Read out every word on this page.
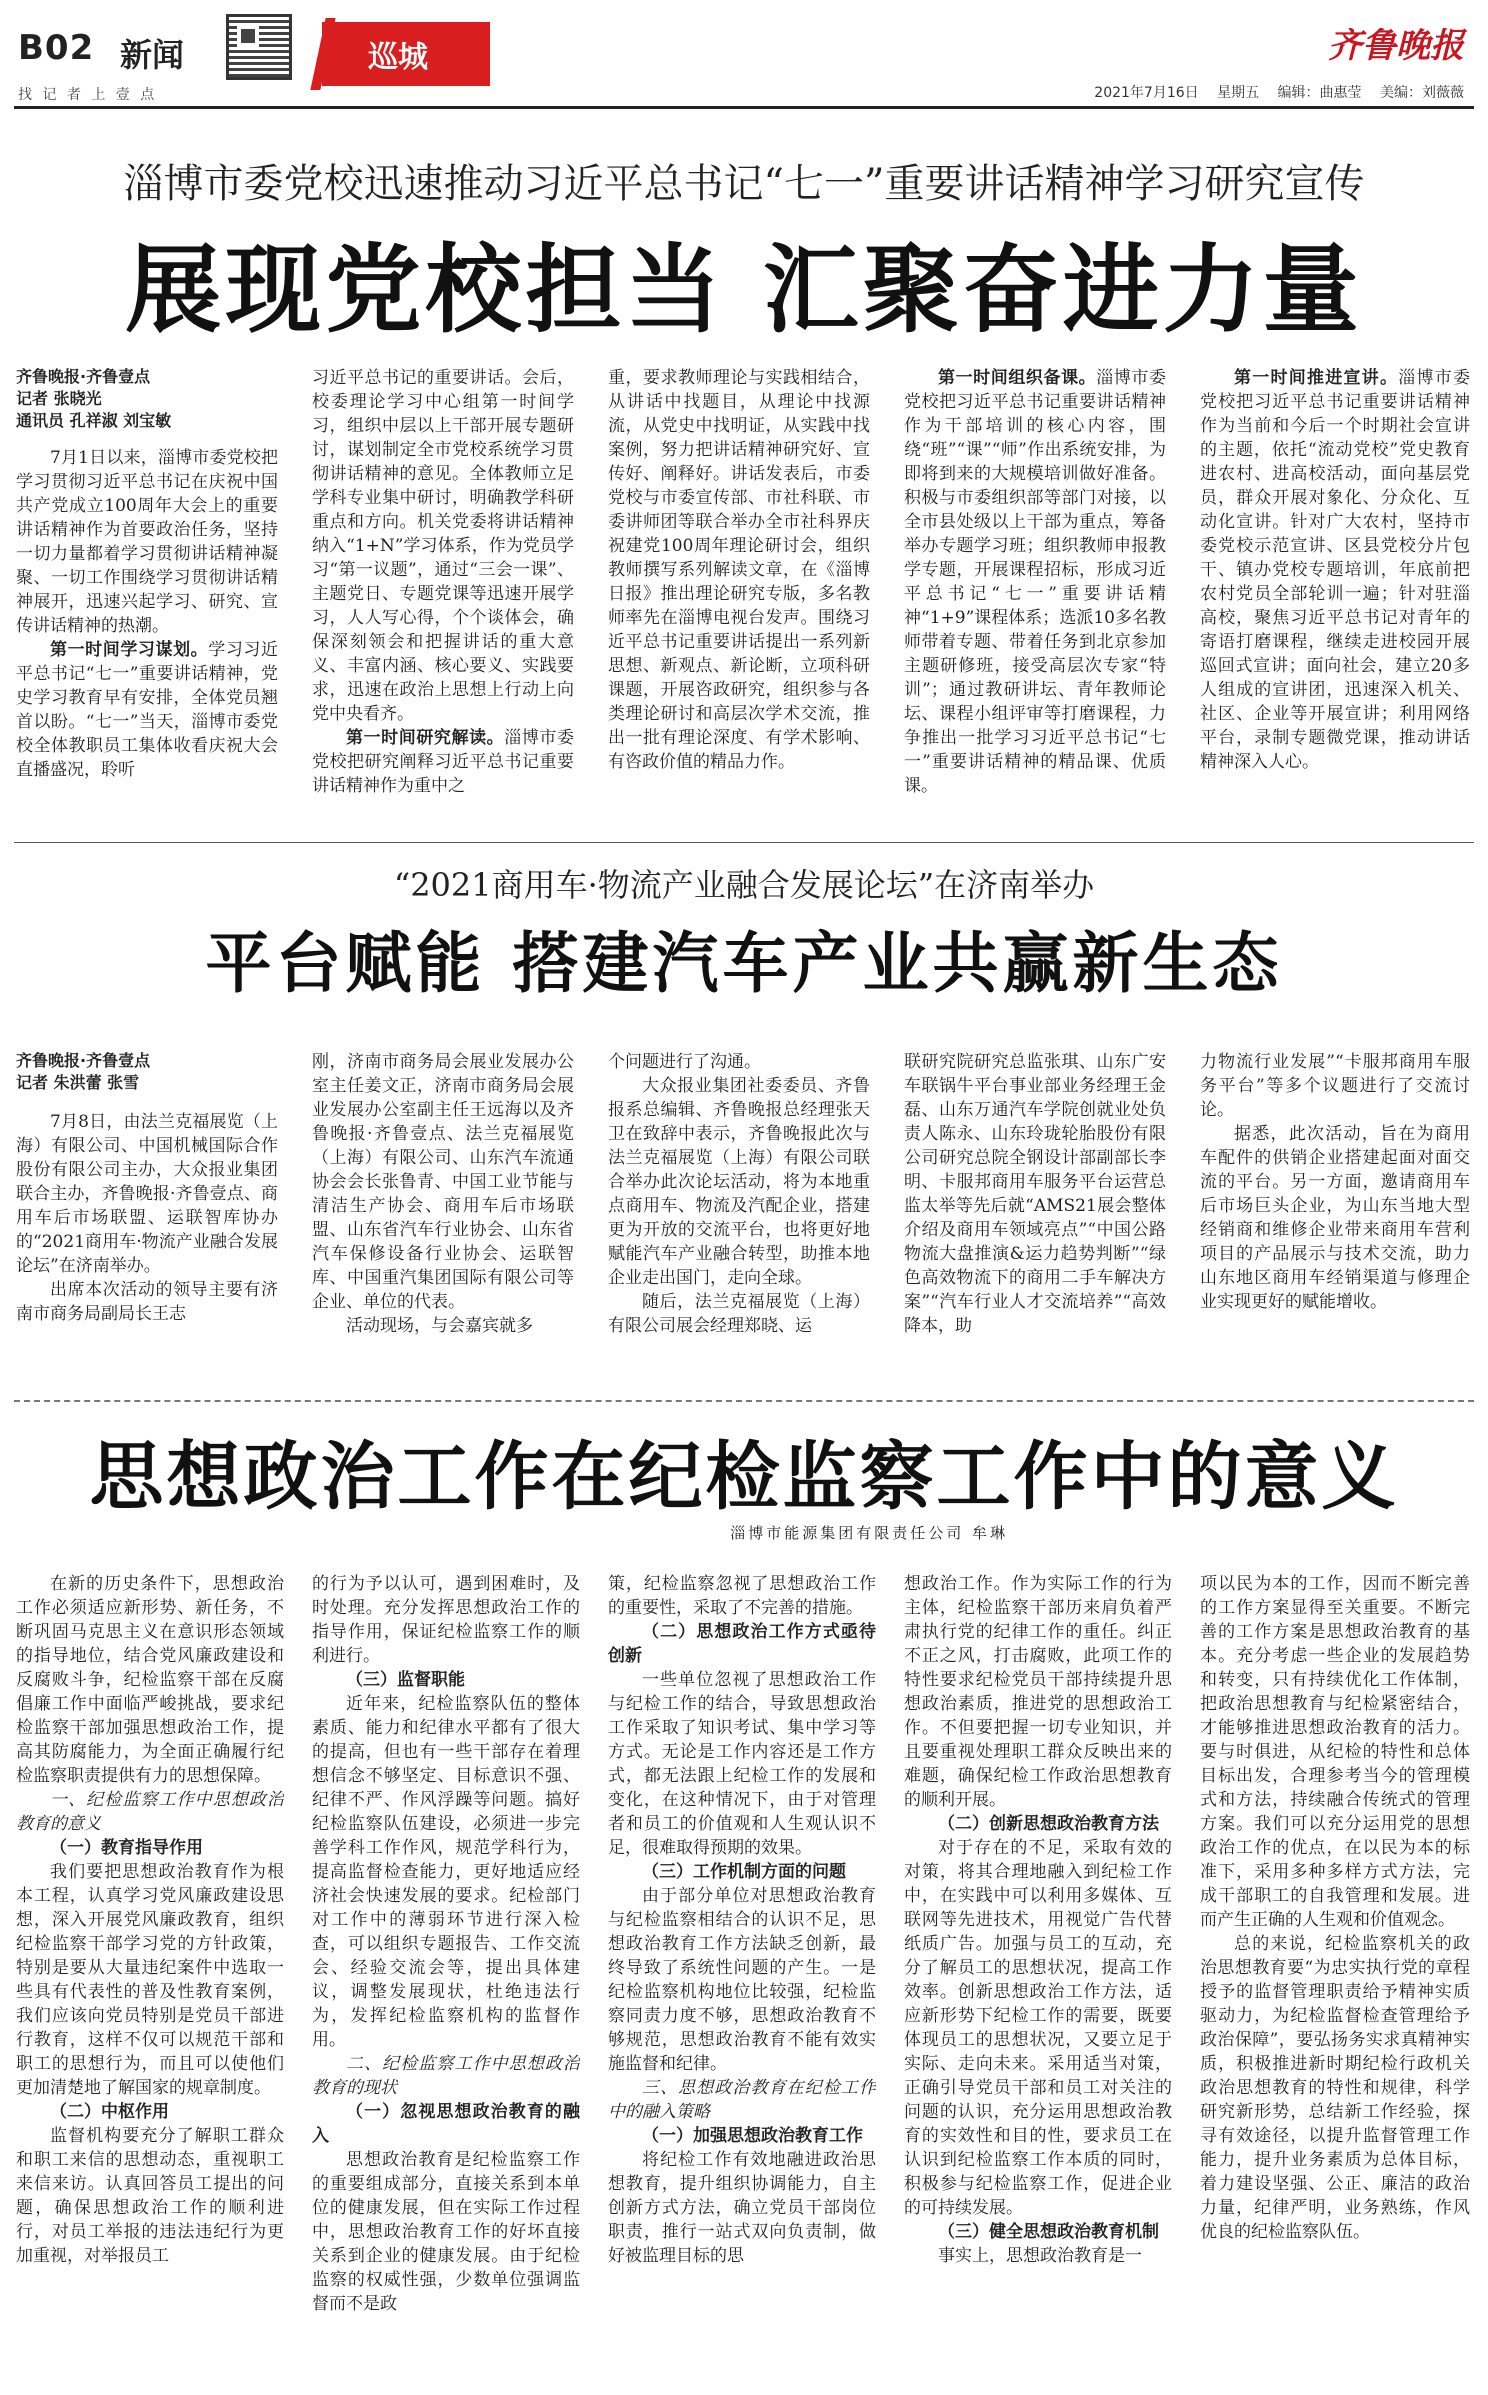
B02 新闻
找 记 者 上 壹 点
巡城	齐鲁晚报
2021年7月16日 星期五 编辑：曲惠莹 美编：刘薇薇
淄博市委党校迅速推动习近平总书记“七一”重要讲话精神学习研究宣传
展现党校担当 汇聚奋进力量
齐鲁晚报·齐鲁壹点
记者 张晓光
通讯员 孔祥淑 刘宝敏

7月1日以来，淄博市委党校把学习贯彻习近平总书记在庆祝中国共产党成立100周年大会上的重要讲话精神作为首要政治任务，坚持一切力量都着学习贯彻讲话精神凝聚、一切工作围绕学习贯彻讲话精神展开，迅速兴起学习、研究、宣传讲话精神的热潮。

第一时间学习谋划。学习习近平总书记“七一”重要讲话精神，党史学习教育早有安排，全体党员翘首以盼。“七一”当天，淄博市委党校全体教职员工集体收看庆祝大会直播盛况，聆听

习近平总书记的重要讲话。会后，校委理论学习中心组第一时间学习，组织中层以上干部开展专题研讨，谋划制定全市党校系统学习贯彻讲话精神的意见。全体教师立足学科专业集中研讨，明确教学科研重点和方向。机关党委将讲话精神纳入“1+N”学习体系，作为党员学习“第一议题”，通过“三会一课”、主题党日、专题党课等迅速开展学习，人人写心得，个个谈体会，确保深刻领会和把握讲话的重大意义、丰富内涵、核心要义、实践要求，迅速在政治上思想上行动上向党中央看齐。

第一时间研究解读。淄博市委党校把研究阐释习近平总书记重要讲话精神作为重中之

重，要求教师理论与实践相结合，从讲话中找题目，从理论中找源流，从党史中找明证，从实践中找案例，努力把讲话精神研究好、宣传好、阐释好。讲话发表后，市委党校与市委宣传部、市社科联、市委讲师团等联合举办全市社科界庆祝建党100周年理论研讨会，组织教师撰写系列解读文章，在《淄博日报》推出理论研究专版，多名教师率先在淄博电视台发声。围绕习近平总书记重要讲话提出一系列新思想、新观点、新论断，立项科研课题，开展咨政研究，组织参与各类理论研讨和高层次学术交流，推出一批有理论深度、有学术影响、有咨政价值的精品力作。

第一时间组织备课。淄博市委党校把习近平总书记重要讲话精神作为干部培训的核心内容，围绕“班”“课”“师”作出系统安排，为即将到来的大规模培训做好准备。积极与市委组织部等部门对接，以全市县处级以上干部为重点，筹备举办专题学习班；组织教师申报教学专题，开展课程招标，形成习近平总书记“七一”重要讲话精神“1+9”课程体系；选派10多名教师带着专题、带着任务到北京参加主题研修班，接受高层次专家“特训”；通过教研讲坛、青年教师论坛、课程小组评审等打磨课程，力争推出一批学习习近平总书记“七一”重要讲话精神的精品课、优质课。

第一时间推进宣讲。淄博市委党校把习近平总书记重要讲话精神作为当前和今后一个时期社会宣讲的主题，依托“流动党校”党史教育进农村、进高校活动，面向基层党员，群众开展对象化、分众化、互动化宣讲。针对广大农村，坚持市委党校示范宣讲、区县党校分片包干、镇办党校专题培训，年底前把农村党员全部轮训一遍；针对驻淄高校，聚焦习近平总书记对青年的寄语打磨课程，继续走进校园开展巡回式宣讲；面向社会，建立20多人组成的宣讲团，迅速深入机关、社区、企业等开展宣讲；利用网络平台，录制专题微党课，推动讲话精神深入人心。

“2021商用车·物流产业融合发展论坛”在济南举办
平台赋能 搭建汽车产业共赢新生态
齐鲁晚报·齐鲁壹点
记者 朱洪蕾 张雪

7月8日，由法兰克福展览（上海）有限公司、中国机械国际合作股份有限公司主办，大众报业集团联合主办，齐鲁晚报·齐鲁壹点、商用车后市场联盟、运联智库协办的“2021商用车·物流产业融合发展论坛”在济南举办。

出席本次活动的领导主要有济南市商务局副局长王志

刚，济南市商务局会展业发展办公室主任姜文正，济南市商务局会展业发展办公室副主任王远海以及齐鲁晚报·齐鲁壹点、法兰克福展览（上海）有限公司、山东汽车流通协会会长张鲁青、中国工业节能与清洁生产协会、商用车后市场联盟、山东省汽车行业协会、山东省汽车保修设备行业协会、运联智库、中国重汽集团国际有限公司等企业、单位的代表。

活动现场，与会嘉宾就多

个问题进行了沟通。

大众报业集团社委委员、齐鲁报系总编辑、齐鲁晚报总经理张天卫在致辞中表示，齐鲁晚报此次与法兰克福展览（上海）有限公司联合举办此次论坛活动，将为本地重点商用车、物流及汽配企业，搭建更为开放的交流平台，也将更好地赋能汽车产业融合转型，助推本地企业走出国门，走向全球。

随后，法兰克福展览（上海）有限公司展会经理郑晓、运

联研究院研究总监张琪、山东广安车联锅牛平台事业部业务经理王金磊、山东万通汽车学院创就业处负责人陈永、山东玲珑轮胎股份有限公司研究总院全钢设计部副部长李明、卡服邦商用车服务平台运营总监太举等先后就“AMS21展会整体介绍及商用车领域亮点”“中国公路物流大盘推演&运力趋势判断”“绿色高效物流下的商用二手车解决方案”“汽车行业人才交流培养”“高效降本，助

力物流行业发展”“卡服邦商用车服务平台”等多个议题进行了交流讨论。

据悉，此次活动，旨在为商用车配件的供销企业搭建起面对面交流的平台。另一方面，邀请商用车后市场巨头企业，为山东当地大型经销商和维修企业带来商用车营利项目的产品展示与技术交流，助力山东地区商用车经销渠道与修理企业实现更好的赋能增收。

思想政治工作在纪检监察工作中的意义
淄博市能源集团有限责任公司 牟琳

在新的历史条件下，思想政治工作必须适应新形势、新任务，不断巩固马克思主义在意识形态领域的指导地位，结合党风廉政建设和反腐败斗争，纪检监察干部在反腐倡廉工作中面临严峻挑战，要求纪检监察干部加强思想政治工作，提高其防腐能力，为全面正确履行纪检监察职责提供有力的思想保障。

一、纪检监察工作中思想政治教育的意义

（一）教育指导作用

我们要把思想政治教育作为根本工程，认真学习党风廉政建设思想，深入开展党风廉政教育，组织纪检监察干部学习党的方针政策，特别是要从大量违纪案件中选取一些具有代表性的普及性教育案例，我们应该向党员特别是党员干部进行教育，这样不仅可以规范干部和职工的思想行为，而且可以使他们更加清楚地了解国家的规章制度。

（二）中枢作用

监督机构要充分了解职工群众和职工来信的思想动态，重视职工来信来访。认真回答员工提出的问题，确保思想政治工作的顺利进行，对员工举报的违法违纪行为更加重视，对举报员工

的行为予以认可，遇到困难时，及时处理。充分发挥思想政治工作的指导作用，保证纪检监察工作的顺利进行。

（三）监督职能

近年来，纪检监察队伍的整体素质、能力和纪律水平都有了很大的提高，但也有一些干部存在着理想信念不够坚定、目标意识不强、纪律不严、作风浮躁等问题。搞好纪检监察队伍建设，必须进一步完善学科工作作风，规范学科行为，提高监督检查能力，更好地适应经济社会快速发展的要求。纪检部门对工作中的薄弱环节进行深入检查，可以组织专题报告、工作交流会、经验交流会等，提出具体建议，调整发展现状，杜绝违法行为，发挥纪检监察机构的监督作用。

二、纪检监察工作中思想政治教育的现状

（一）忽视思想政治教育的融入

思想政治教育是纪检监察工作的重要组成部分，直接关系到本单位的健康发展，但在实际工作过程中，思想政治教育工作的好坏直接关系到企业的健康发展。由于纪检监察的权威性强，少数单位强调监督而不是政

策，纪检监察忽视了思想政治工作的重要性，采取了不完善的措施。

（二）思想政治工作方式亟待创新

一些单位忽视了思想政治工作与纪检工作的结合，导致思想政治工作采取了知识考试、集中学习等方式。无论是工作内容还是工作方式，都无法跟上纪检工作的发展和变化，在这种情况下，由于对管理者和员工的价值观和人生观认识不足，很难取得预期的效果。

（三）工作机制方面的问题

由于部分单位对思想政治教育与纪检监察相结合的认识不足，思想政治教育工作方法缺乏创新，最终导致了系统性问题的产生。一是纪检监察机构地位比较强，纪检监察同责力度不够，思想政治教育不够规范，思想政治教育不能有效实施监督和纪律。

三、思想政治教育在纪检工作中的融入策略

（一）加强思想政治教育工作

将纪检工作有效地融进政治思想教育，提升组织协调能力，自主创新方式方法，确立党员干部岗位职责，推行一站式双向负责制，做好被监理目标的思

想政治工作。作为实际工作的行为主体，纪检监察干部历来肩负着严肃执行党的纪律工作的重任。纠正不正之风，打击腐败，此项工作的特性要求纪检党员干部持续提升思想政治素质，推进党的思想政治工作。不但要把握一切专业知识，并且要重视处理职工群众反映出来的难题，确保纪检工作政治思想教育的顺利开展。

（二）创新思想政治教育方法

对于存在的不足，采取有效的对策，将其合理地融入到纪检工作中，在实践中可以利用多媒体、互联网等先进技术，用视觉广告代替纸质广告。加强与员工的互动，充分了解员工的思想状况，提高工作效率。创新思想政治工作方法，适应新形势下纪检工作的需要，既要体现员工的思想状况，又要立足于实际、走向未来。采用适当对策，正确引导党员干部和员工对关注的问题的认识，充分运用思想政治教育的实效性和目的性，要求员工在认识到纪检监察工作本质的同时，积极参与纪检监察工作，促进企业的可持续发展。

（三）健全思想政治教育机制

事实上，思想政治教育是一

项以民为本的工作，因而不断完善的工作方案显得至关重要。不断完善的工作方案是思想政治教育的基本。充分考虑一些企业的发展趋势和转变，只有持续优化工作体制，把政治思想教育与纪检紧密结合，才能够推进思想政治教育的活力。要与时俱进，从纪检的特性和总体目标出发，合理参考当今的管理模式和方法，持续融合传统式的管理方案。我们可以充分运用党的思想政治工作的优点，在以民为本的标准下，采用多种多样方式方法，完成干部职工的自我管理和发展。进而产生正确的人生观和价值观念。

总的来说，纪检监察机关的政治思想教育要“为忠实执行党的章程授予的监督管理职责给予精神实质驱动力，为纪检监督检查管理给予政治保障”，要弘扬务实求真精神实质，积极推进新时期纪检行政机关政治思想教育的特性和规律，科学研究新形势，总结新工作经验，探寻有效途径，以提升监督管理工作能力，提升业务素质为总体目标，着力建设坚强、公正、廉洁的政治力量，纪律严明，业务熟练，作风优良的纪检监察队伍。
